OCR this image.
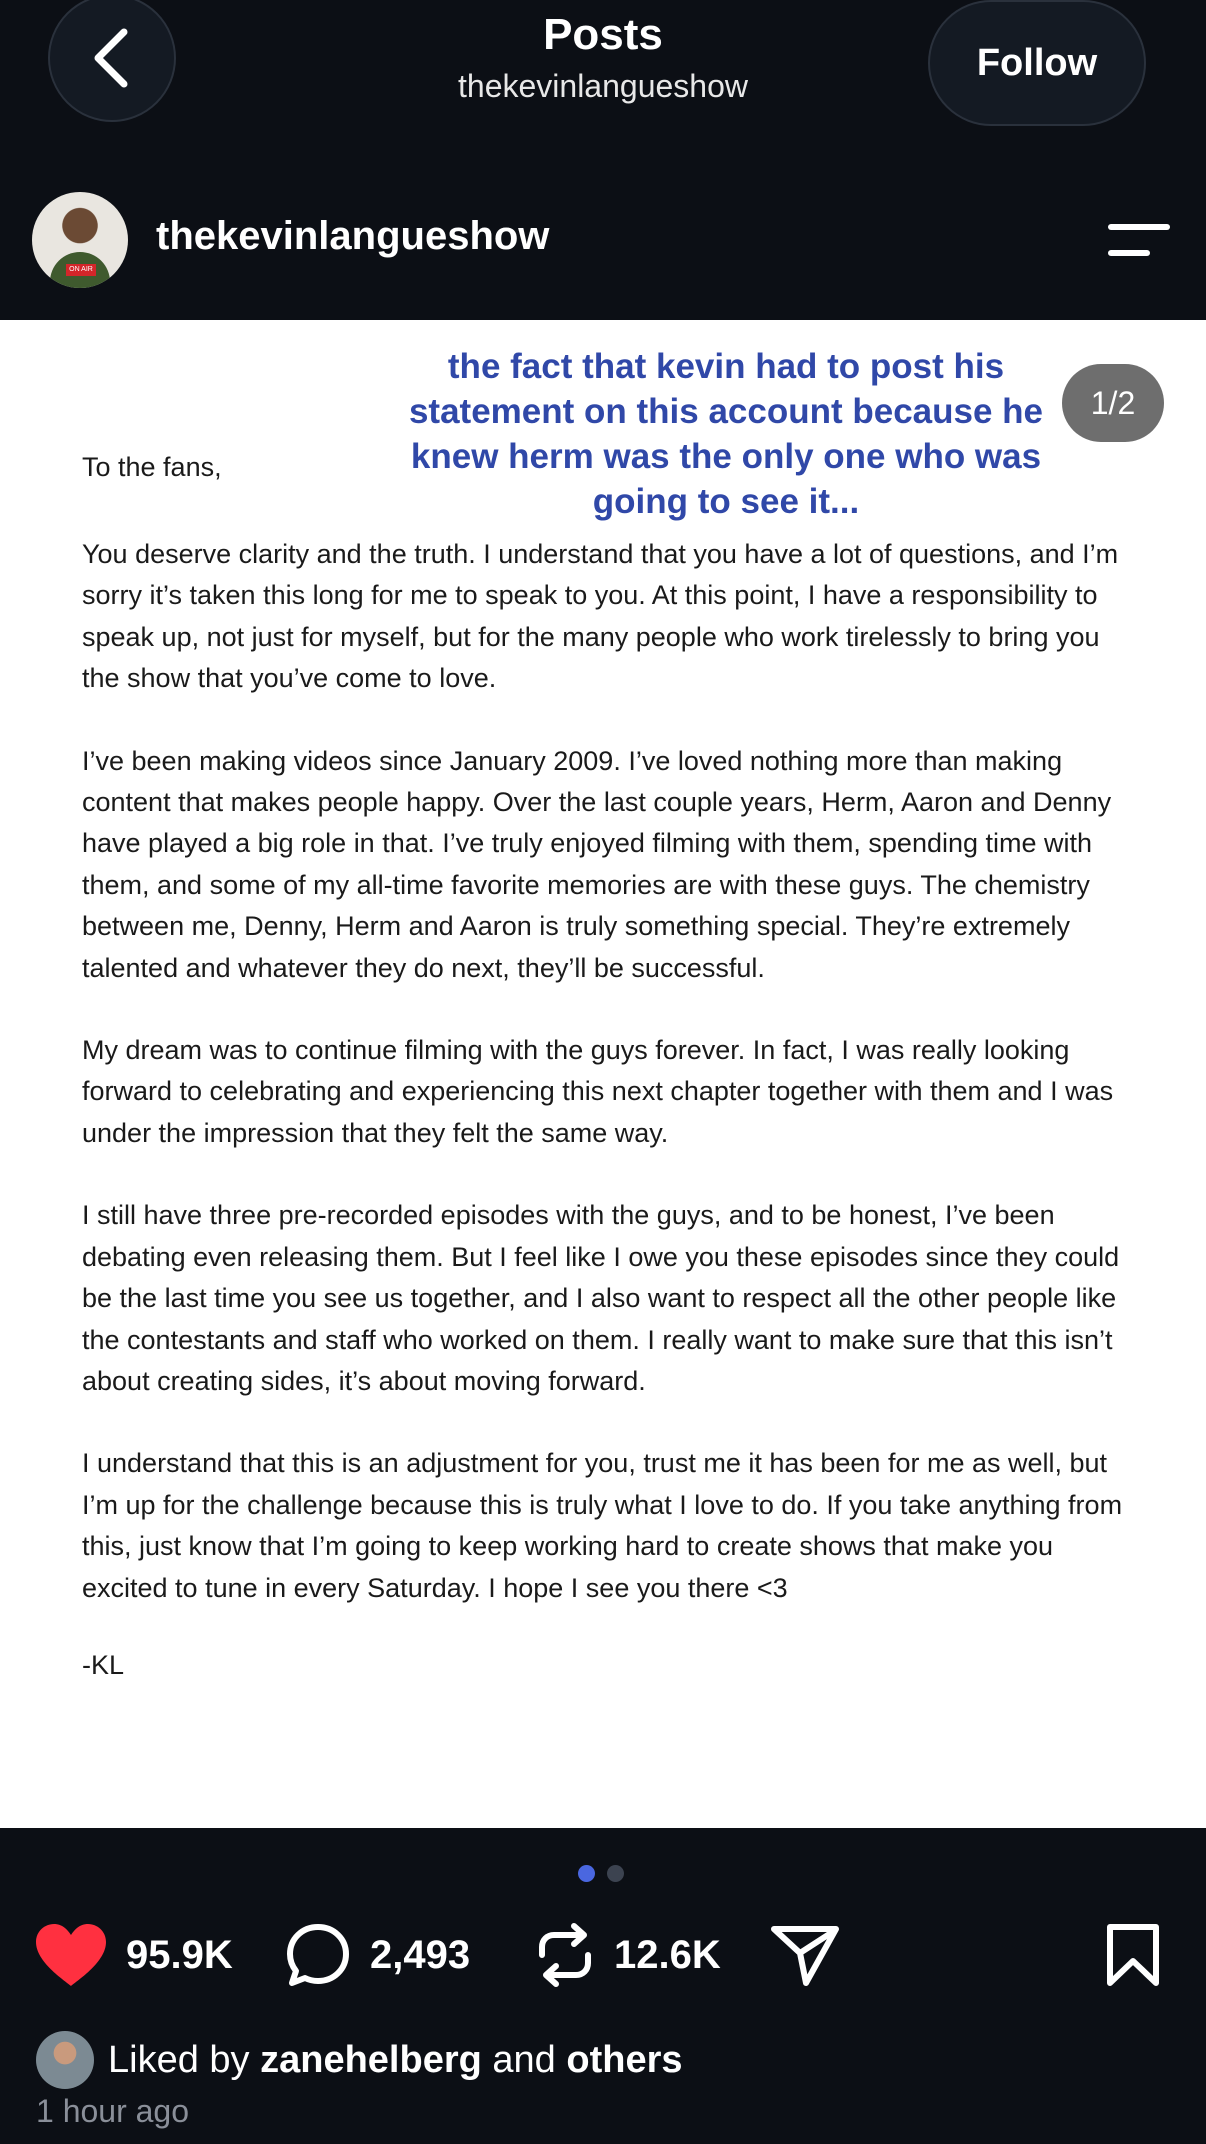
Posts
thekevinlangueshow
Follow
ON AIR
thekevinlangueshow
the fact that kevin had to post his statement on this account because he knew herm was the only one who was going to see it...
1/2
To the fans,

You deserve clarity and the truth. I understand that you have a lot of questions, and I’m sorry it’s taken this long for me to speak to you. At this point, I have a responsibility to speak up, not just for myself, but for the many people who work tirelessly to bring you the show that you’ve come to love.

I’ve been making videos since January 2009. I’ve loved nothing more than making content that makes people happy. Over the last couple years, Herm, Aaron and Denny have played a big role in that. I’ve truly enjoyed filming with them, spending time with them, and some of my all-time favorite memories are with these guys. The chemistry between me, Denny, Herm and Aaron is truly something special. They’re extremely talented and whatever they do next, they’ll be successful.

My dream was to continue filming with the guys forever. In fact, I was really looking forward to celebrating and experiencing this next chapter together with them and I was under the impression that they felt the same way.

I still have three pre-recorded episodes with the guys, and to be honest, I’ve been debating even releasing them. But I feel like I owe you these episodes since they could be the last time you see us together, and I also want to respect all the other people like the contestants and staff who worked on them. I really want to make sure that this isn’t about creating sides, it’s about moving forward.

I understand that this is an adjustment for you, trust me it has been for me as well, but I’m up for the challenge because this is truly what I love to do. If you take anything from this, just know that I’m going to keep working hard to create shows that make you excited to tune in every Saturday. I hope I see you there <3

-KL
95.9K	2,493	12.6K
Liked by
zanehelberg
and
others
1 hour ago
